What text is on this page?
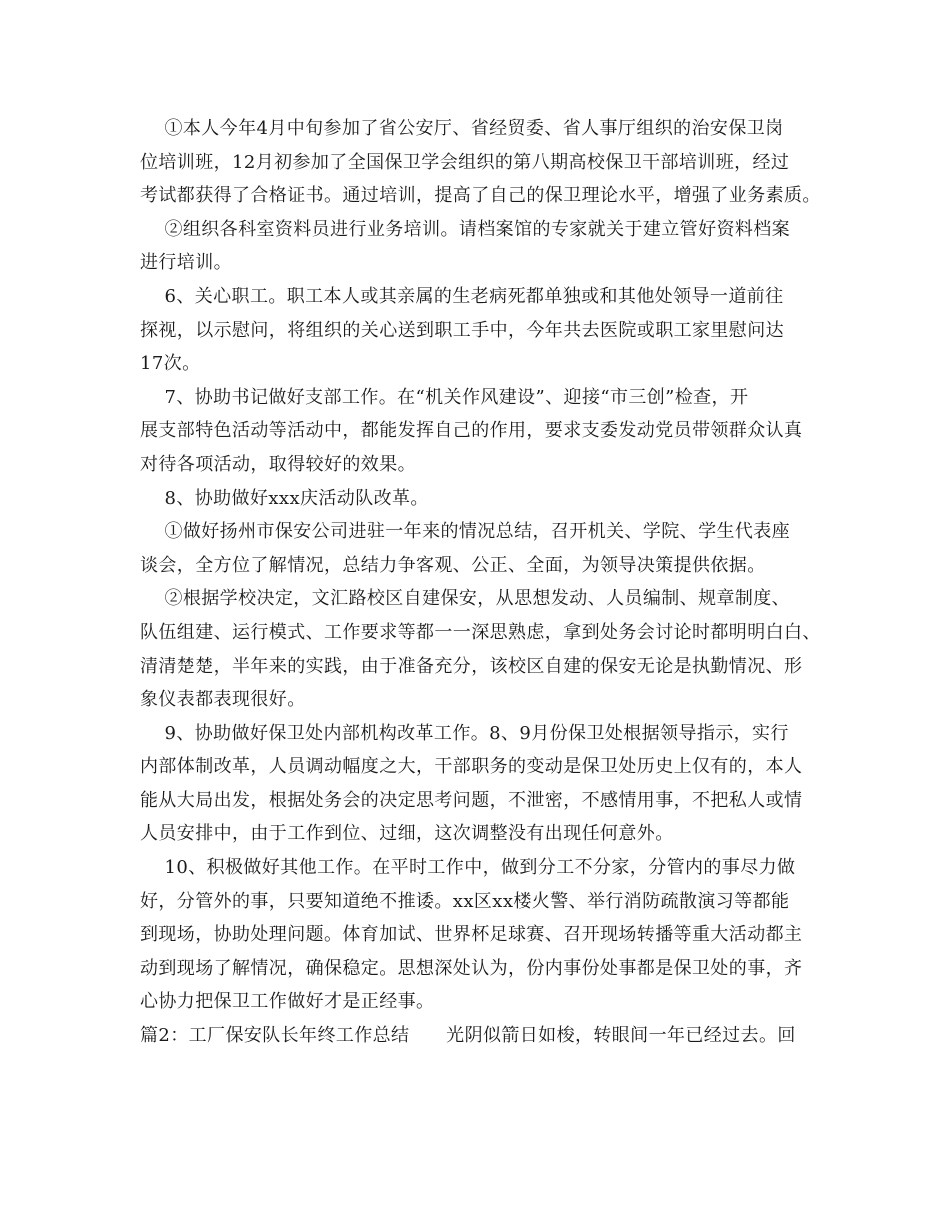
①本人今年4月中旬参加了省公安厅、省经贸委、省人事厅组织的治安保卫岗
位培训班，12月初参加了全国保卫学会组织的第八期高校保卫干部培训班，经过
考试都获得了合格证书。通过培训，提高了自己的保卫理论水平，增强了业务素质。
②组织各科室资料员进行业务培训。请档案馆的专家就关于建立管好资料档案
进行培训。
6、关心职工。职工本人或其亲属的生老病死都单独或和其他处领导一道前往
探视，以示慰问，将组织的关心送到职工手中，今年共去医院或职工家里慰问达
17次。
7、协助书记做好支部工作。在“机关作风建设”、迎接“市三创”检查，开
展支部特色活动等活动中，都能发挥自己的作用，要求支委发动党员带领群众认真
对待各项活动，取得较好的效果。
8、协助做好xxx庆活动队改革。
①做好扬州市保安公司进驻一年来的情况总结，召开机关、学院、学生代表座
谈会，全方位了解情况，总结力争客观、公正、全面，为领导决策提供依据。
②根据学校决定，文汇路校区自建保安，从思想发动、人员编制、规章制度、
队伍组建、运行模式、工作要求等都一一深思熟虑，拿到处务会讨论时都明明白白、
清清楚楚，半年来的实践，由于准备充分，该校区自建的保安无论是执勤情况、形
象仪表都表现很好。
9、协助做好保卫处内部机构改革工作。8、9月份保卫处根据领导指示，实行
内部体制改革，人员调动幅度之大，干部职务的变动是保卫处历史上仅有的，本人
能从大局出发，根据处务会的决定思考问题，不泄密，不感情用事，不把私人或情
人员安排中，由于工作到位、过细，这次调整没有出现任何意外。
10、积极做好其他工作。在平时工作中，做到分工不分家，分管内的事尽力做
好，分管外的事，只要知道绝不推诿。xx区xx楼火警、举行消防疏散演习等都能
到现场，协助处理问题。体育加试、世界杯足球赛、召开现场转播等重大活动都主
动到现场了解情况，确保稳定。思想深处认为，份内事份处事都是保卫处的事，齐
心协力把保卫工作做好才是正经事。
篇2：工厂保安队长年终工作总结      光阴似箭日如梭，转眼间一年已经过去。回
